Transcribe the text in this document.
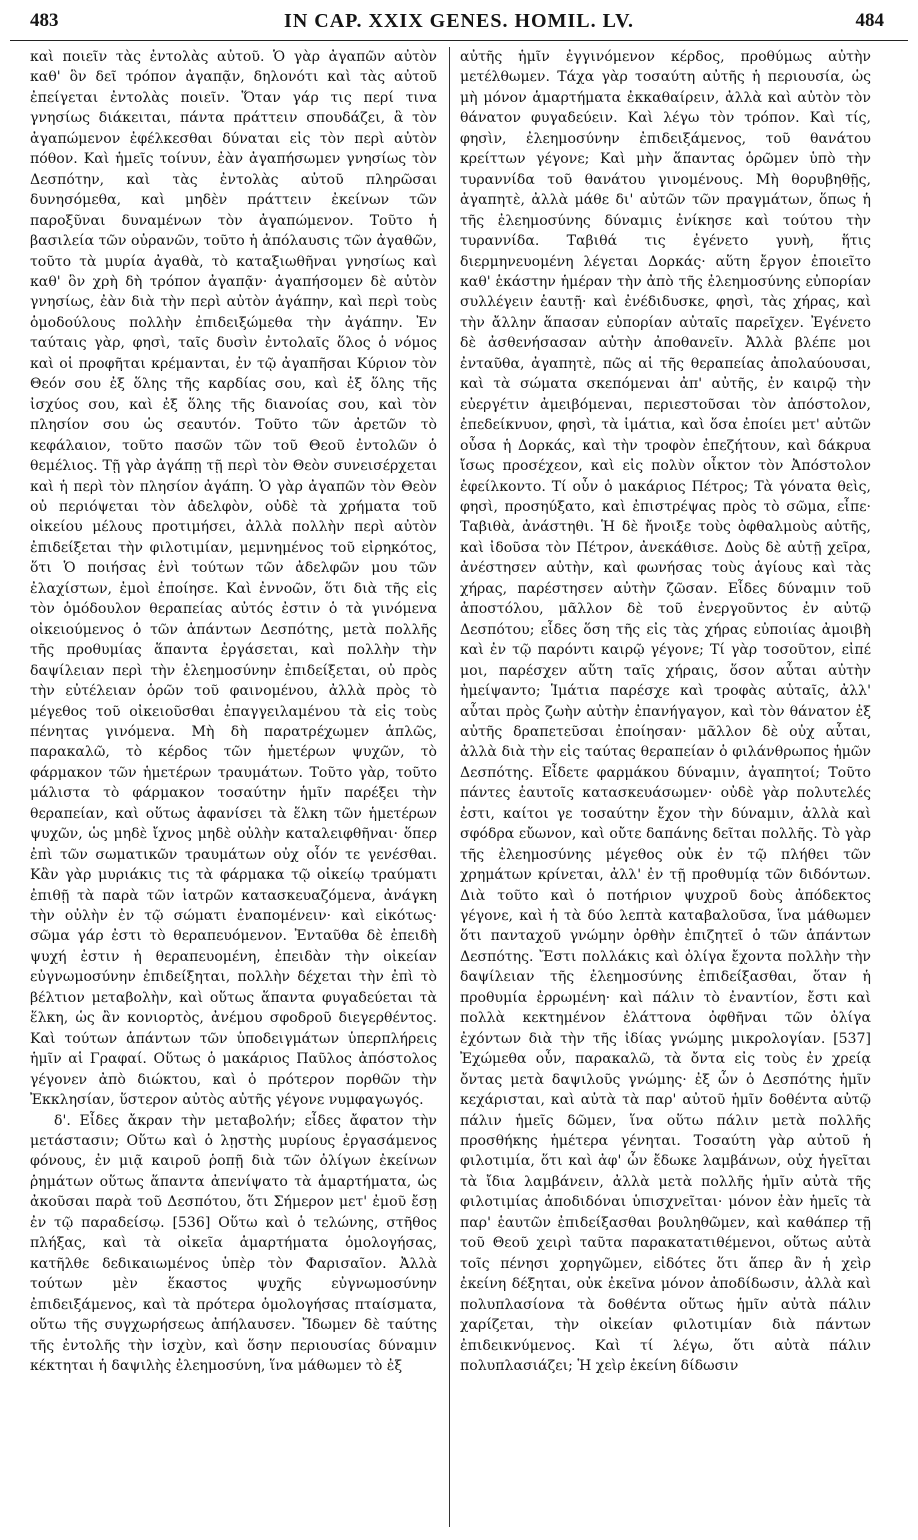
483	IN CAP. XXIX GENES. HOMIL. LV.	484

καὶ ποιεῖν τὰς ἐντολὰς αὐτοῦ. Ὁ γὰρ ἀγαπῶν αὐτὸν καθ' ὃν δεῖ τρόπον ἀγαπᾷν, δηλονότι καὶ τὰς αὐτοῦ ἐπείγεται ἐντολὰς ποιεῖν. Ὅταν γάρ τις περί τινα γνησίως διάκειται, πάντα πράττειν σπουδάζει, ἃ τὸν ἀγαπώμενον ἐφέλκεσθαι δύναται εἰς τὸν περὶ αὐτὸν πόθον. Καὶ ἡμεῖς τοίνυν, ἐὰν ἀγαπήσωμεν γνησίως τὸν Δεσπότην, καὶ τὰς ἐντολὰς αὐτοῦ πληρῶσαι δυνησόμεθα, καὶ μηδὲν πράττειν ἐκείνων τῶν παροξῦναι δυναμένων τὸν ἀγαπώμενον. Τοῦτο ἡ βασιλεία τῶν οὐρανῶν, τοῦτο ἡ ἀπόλαυσις τῶν ἀγαθῶν, τοῦτο τὰ μυρία ἀγαθὰ, τὸ καταξιωθῆναι γνησίως καὶ καθ' ὃν χρὴ δὴ τρόπον ἀγαπᾷν· ἀγαπήσομεν δὲ αὐτὸν γνησίως, ἐὰν διὰ τὴν περὶ αὐτὸν ἀγάπην, καὶ περὶ τοὺς ὁμοδούλους πολλὴν ἐπιδειξώμεθα τὴν ἀγάπην. Ἐν ταύταις γὰρ, φησὶ, ταῖς δυσὶν ἐντολαῖς ὅλος ὁ νόμος καὶ οἱ προφῆται κρέμανται, ἐν τῷ ἀγαπῆσαι Κύριον τὸν Θεόν σου ἐξ ὅλης τῆς καρδίας σου, καὶ ἐξ ὅλης τῆς ἰσχύος σου, καὶ ἐξ ὅλης τῆς διανοίας σου, καὶ τὸν πλησίον σου ὡς σεαυτόν. Τοῦτο τῶν ἀρετῶν τὸ κεφάλαιον, τοῦτο πασῶν τῶν τοῦ Θεοῦ ἐντολῶν ὁ θεμέλιος. Τῇ γὰρ ἀγάπῃ τῇ περὶ τὸν Θεὸν συνεισέρχεται καὶ ἡ περὶ τὸν πλησίον ἀγάπη. Ὁ γὰρ ἀγαπῶν τὸν Θεὸν οὐ περιόψεται τὸν ἀδελφὸν, οὐδὲ τὰ χρήματα τοῦ οἰκείου μέλους προτιμήσει, ἀλλὰ πολλὴν περὶ αὐτὸν ἐπιδείξεται τὴν φιλοτιμίαν, μεμνημένος τοῦ εἰρηκότος, ὅτι Ὁ ποιήσας ἑνὶ τούτων τῶν ἀδελφῶν μου τῶν ἐλαχίστων, ἐμοὶ ἐποίησε. Καὶ ἐννοῶν, ὅτι διὰ τῆς εἰς τὸν ὁμόδουλον θεραπείας αὐτός ἐστιν ὁ τὰ γινόμενα οἰκειούμενος ὁ τῶν ἁπάντων Δεσπότης, μετὰ πολλῆς τῆς προθυμίας ἅπαντα ἐργάσεται, καὶ πολλὴν τὴν δαψίλειαν περὶ τὴν ἐλεημοσύνην ἐπιδείξεται, οὐ πρὸς τὴν εὐτέλειαν ὁρῶν τοῦ φαινομένου, ἀλλὰ πρὸς τὸ μέγεθος τοῦ οἰκειοῦσθαι ἐπαγγειλαμένου τὰ εἰς τοὺς πένητας γινόμενα. Μὴ δὴ παρατρέχωμεν ἁπλῶς, παρακαλῶ, τὸ κέρδος τῶν ἡμετέρων ψυχῶν, τὸ φάρμακον τῶν ἡμετέρων τραυμάτων. Τοῦτο γὰρ, τοῦτο μάλιστα τὸ φάρμακον τοσαύτην ἡμῖν παρέξει τὴν θεραπείαν, καὶ οὕτως ἀφανίσει τὰ ἕλκη τῶν ἡμετέρων ψυχῶν, ὡς μηδὲ ἴχνος μηδὲ οὐλὴν καταλειφθῆναι· ὅπερ ἐπὶ τῶν σωματικῶν τραυμάτων οὐχ οἷόν τε γενέσθαι. Κἂν γὰρ μυριάκις τις τὰ φάρμακα τῷ οἰκείῳ τραύματι ἐπιθῇ τὰ παρὰ τῶν ἰατρῶν κατασκευαζόμενα, ἀνάγκη τὴν οὐλὴν ἐν τῷ σώματι ἐναπομένειν· καὶ εἰκότως· σῶμα γάρ ἐστι τὸ θεραπευόμενον. Ἐνταῦθα δὲ ἐπειδὴ ψυχή ἐστιν ἡ θεραπευομένη, ἐπειδὰν τὴν οἰκείαν εὐγνωμοσύνην ἐπιδείξηται, πολλὴν δέχεται τὴν ἐπὶ τὸ βέλτιον μεταβολὴν, καὶ οὕτως ἅπαντα φυγαδεύεται τὰ ἕλκη, ὡς ἂν κονιορτὸς, ἀνέμου σφοδροῦ διεγερθέντος. Καὶ τούτων ἁπάντων τῶν ὑποδειγμάτων ὑπερπλήρεις ἡμῖν αἱ Γραφαί. Οὕτως ὁ μακάριος Παῦλος ἀπόστολος γέγονεν ἀπὸ διώκτου, καὶ ὁ πρότερον πορθῶν τὴν Ἐκκλησίαν, ὕστερον αὐτὸς αὐτῆς γέγονε νυμφαγωγός.

δ'. Εἶδες ἄκραν τὴν μεταβολήν; εἶδες ἄφατον τὴν μετάστασιν; Οὕτω καὶ ὁ λῃστὴς μυρίους ἐργασάμενος φόνους, ἐν μιᾷ καιροῦ ῥοπῇ διὰ τῶν ὀλίγων ἐκείνων ῥημάτων οὕτως ἅπαντα ἀπενίψατο τὰ ἁμαρτήματα, ὡς ἀκοῦσαι παρὰ τοῦ Δεσπότου, ὅτι Σήμερον μετ' ἐμοῦ ἔσῃ ἐν τῷ παραδείσῳ. [536] Οὕτω καὶ ὁ τελώνης, στῆθος πλήξας, καὶ τὰ οἰκεῖα ἁμαρτήματα ὁμολογήσας, κατῆλθε δεδικαιωμένος ὑπὲρ τὸν Φαρισαῖον. Ἀλλὰ τούτων μὲν ἕκαστος ψυχῆς εὐγνωμοσύνην ἐπιδειξάμενος, καὶ τὰ πρότερα ὁμολογήσας πταίσματα, οὕτω τῆς συγχωρήσεως ἀπήλαυσεν. Ἴδωμεν δὲ ταύτης τῆς ἐντολῆς τὴν ἰσχὺν, καὶ ὅσην περιουσίας δύναμιν κέκτηται ἡ δαψιλὴς ἐλεημοσύνη, ἵνα μάθωμεν τὸ ἐξ

αὐτῆς ἡμῖν ἐγγινόμενον κέρδος, προθύμως αὐτὴν μετέλθωμεν. Τάχα γὰρ τοσαύτη αὐτῆς ἡ περιουσία, ὡς μὴ μόνον ἁμαρτήματα ἐκκαθαίρειν, ἀλλὰ καὶ αὐτὸν τὸν θάνατον φυγαδεύειν. Καὶ λέγω τὸν τρόπον. Καὶ τίς, φησὶν, ἐλεημοσύνην ἐπιδειξάμενος, τοῦ θανάτου κρείττων γέγονε; Καὶ μὴν ἅπαντας ὁρῶμεν ὑπὸ τὴν τυραννίδα τοῦ θανάτου γινομένους. Μὴ θορυβηθῇς, ἀγαπητὲ, ἀλλὰ μάθε δι' αὐτῶν τῶν πραγμάτων, ὅπως ἡ τῆς ἐλεημοσύνης δύναμις ἐνίκησε καὶ τούτου τὴν τυραννίδα. Ταβιθά τις ἐγένετο γυνὴ, ἥτις διερμηνευομένη λέγεται Δορκάς· αὕτη ἔργον ἐποιεῖτο καθ' ἑκάστην ἡμέραν τὴν ἀπὸ τῆς ἐλεημοσύνης εὐπορίαν συλλέγειν ἑαυτῇ· καὶ ἐνέδιδυσκε, φησὶ, τὰς χήρας, καὶ τὴν ἄλλην ἅπασαν εὐπορίαν αὐταῖς παρεῖχεν. Ἐγένετο δὲ ἀσθενήσασαν αὐτὴν ἀποθανεῖν. Ἀλλὰ βλέπε μοι ἐνταῦθα, ἀγαπητὲ, πῶς αἱ τῆς θεραπείας ἀπολαύουσαι, καὶ τὰ σώματα σκεπόμεναι ἀπ' αὐτῆς, ἐν καιρῷ τὴν εὐεργέτιν ἀμειβόμεναι, περιεστοῦσαι τὸν ἀπόστολον, ἐπεδείκνυον, φησὶ, τὰ ἱμάτια, καὶ ὅσα ἐποίει μετ' αὐτῶν οὖσα ἡ Δορκάς, καὶ τὴν τροφὸν ἐπεζήτουν, καὶ δάκρυα ἴσως προσέχεον, καὶ εἰς πολὺν οἶκτον τὸν Ἀπόστολον ἐφείλκοντο. Τί οὖν ὁ μακάριος Πέτρος; Τὰ γόνατα θεὶς, φησὶ, προσηύξατο, καὶ ἐπιστρέψας πρὸς τὸ σῶμα, εἶπε· Ταβιθὰ, ἀνάστηθι. Ἡ δὲ ἤνοιξε τοὺς ὀφθαλμοὺς αὐτῆς, καὶ ἰδοῦσα τὸν Πέτρον, ἀνεκάθισε. Δοὺς δὲ αὐτῇ χεῖρα, ἀνέστησεν αὐτὴν, καὶ φωνήσας τοὺς ἁγίους καὶ τὰς χήρας, παρέστησεν αὐτὴν ζῶσαν. Εἶδες δύναμιν τοῦ ἀποστόλου, μᾶλλον δὲ τοῦ ἐνεργοῦντος ἐν αὐτῷ Δεσπότου; εἶδες ὅση τῆς εἰς τὰς χήρας εὐποιίας ἀμοιβὴ καὶ ἐν τῷ παρόντι καιρῷ γέγονε; Τί γὰρ τοσοῦτον, εἰπέ μοι, παρέσχεν αὕτη ταῖς χήραις, ὅσον αὗται αὐτὴν ἠμείψαντο; Ἱμάτια παρέσχε καὶ τροφὰς αὐταῖς, ἀλλ' αὗται πρὸς ζωὴν αὐτὴν ἐπανήγαγον, καὶ τὸν θάνατον ἐξ αὐτῆς δραπετεῦσαι ἐποίησαν· μᾶλλον δὲ οὐχ αὗται, ἀλλὰ διὰ τὴν εἰς ταύτας θεραπείαν ὁ φιλάνθρωπος ἡμῶν Δεσπότης. Εἶδετε φαρμάκου δύναμιν, ἀγαπητοί; Τοῦτο πάντες ἑαυτοῖς κατασκευάσωμεν· οὐδὲ γὰρ πολυτελές ἐστι, καίτοι γε τοσαύτην ἔχον τὴν δύναμιν, ἀλλὰ καὶ σφόδρα εὔωνον, καὶ οὔτε δαπάνης δεῖται πολλῆς. Τὸ γὰρ τῆς ἐλεημοσύνης μέγεθος οὐκ ἐν τῷ πλήθει τῶν χρημάτων κρίνεται, ἀλλ' ἐν τῇ προθυμίᾳ τῶν διδόντων. Διὰ τοῦτο καὶ ὁ ποτήριον ψυχροῦ δοὺς ἀπόδεκτος γέγονε, καὶ ἡ τὰ δύο λεπτὰ καταβαλοῦσα, ἵνα μάθωμεν ὅτι πανταχοῦ γνώμην ὀρθὴν ἐπιζητεῖ ὁ τῶν ἁπάντων Δεσπότης. Ἔστι πολλάκις καὶ ὀλίγα ἔχοντα πολλὴν τὴν δαψίλειαν τῆς ἐλεημοσύνης ἐπιδείξασθαι, ὅταν ἡ προθυμία ἐρρωμένη· καὶ πάλιν τὸ ἐναντίον, ἔστι καὶ πολλὰ κεκτημένον ἐλάττονα ὀφθῆναι τῶν ὀλίγα ἐχόντων διὰ τὴν τῆς ἰδίας γνώμης μικρολογίαν. [537] Ἐχώμεθα οὖν, παρακαλῶ, τὰ ὄντα εἰς τοὺς ἐν χρείᾳ ὄντας μετὰ δαψιλοῦς γνώμης· ἐξ ὧν ὁ Δεσπότης ἡμῖν κεχάρισται, καὶ αὐτὰ τὰ παρ' αὐτοῦ ἡμῖν δοθέντα αὐτῷ πάλιν ἡμεῖς δῶμεν, ἵνα οὕτω πάλιν μετὰ πολλῆς προσθήκης ἡμέτερα γένηται. Τοσαύτη γὰρ αὐτοῦ ἡ φιλοτιμία, ὅτι καὶ ἀφ' ὧν ἔδωκε λαμβάνων, οὐχ ἡγεῖται τὰ ἴδια λαμβάνειν, ἀλλὰ μετὰ πολλῆς ἡμῖν αὐτὰ τῆς φιλοτιμίας ἀποδιδόναι ὑπισχνεῖται· μόνον ἐὰν ἡμεῖς τὰ παρ' ἑαυτῶν ἐπιδείξασθαι βουληθῶμεν, καὶ καθάπερ τῇ τοῦ Θεοῦ χειρὶ ταῦτα παρακατατιθέμενοι, οὕτως αὐτὰ τοῖς πένησι χορηγῶμεν, εἰδότες ὅτι ἅπερ ἂν ἡ χεὶρ ἐκείνη δέξηται, οὐκ ἐκεῖνα μόνον ἀποδίδωσιν, ἀλλὰ καὶ πολυπλασίονα τὰ δοθέντα οὕτως ἡμῖν αὐτὰ πάλιν χαρίζεται, τὴν οἰκείαν φιλοτιμίαν διὰ πάντων ἐπιδεικνύμενος. Καὶ τί λέγω, ὅτι αὐτὰ πάλιν πολυπλασιάζει; Ἡ χεὶρ ἐκείνη δίδωσιν
